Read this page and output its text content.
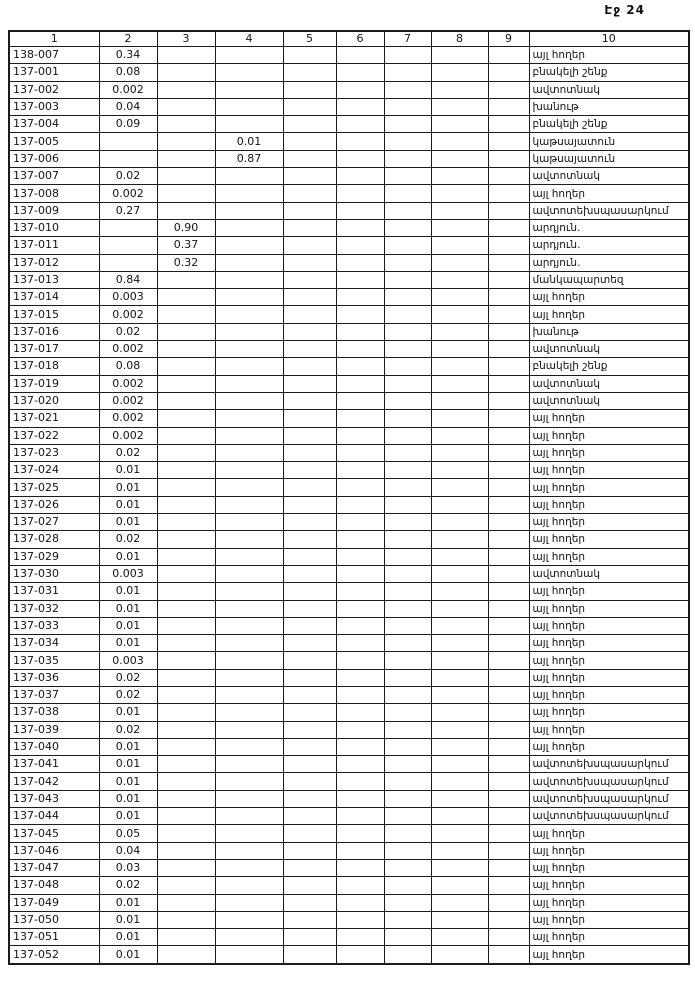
Էջ 24
1	2	3	4	5	6	7	8	9	10
138-007	0.34								այլ հողեր
137-001	0.08								բնակելի շենք
137-002	0.002								ավտոտնակ
137-003	0.04								խանութ
137-004	0.09								բնակելի շենք
137-005			0.01						կաթսայատուն
137-006			0.87						կաթսայատուն
137-007	0.02								ավտոտնակ
137-008	0.002								այլ հողեր
137-009	0.27								ավտոտեխսպասարկում
137-010		0.90							արդյուն.
137-011		0.37							արդյուն.
137-012		0.32							արդյուն.
137-013	0.84								մանկապարտեզ
137-014	0.003								այլ հողեր
137-015	0.002								այլ հողեր
137-016	0.02								խանութ
137-017	0.002								ավտոտնակ
137-018	0.08								բնակելի շենք
137-019	0.002								ավտոտնակ
137-020	0.002								ավտոտնակ
137-021	0.002								այլ հողեր
137-022	0.002								այլ հողեր
137-023	0.02								այլ հողեր
137-024	0.01								այլ հողեր
137-025	0.01								այլ հողեր
137-026	0.01								այլ հողեր
137-027	0.01								այլ հողեր
137-028	0.02								այլ հողեր
137-029	0.01								այլ հողեր
137-030	0.003								ավտոտնակ
137-031	0.01								այլ հողեր
137-032	0.01								այլ հողեր
137-033	0.01								այլ հողեր
137-034	0.01								այլ հողեր
137-035	0.003								այլ հողեր
137-036	0.02								այլ հողեր
137-037	0.02								այլ հողեր
137-038	0.01								այլ հողեր
137-039	0.02								այլ հողեր
137-040	0.01								այլ հողեր
137-041	0.01								ավտոտեխսպասարկում
137-042	0.01								ավտոտեխսպասարկում
137-043	0.01								ավտոտեխսպասարկում
137-044	0.01								ավտոտեխսպասարկում
137-045	0.05								այլ հողեր
137-046	0.04								այլ հողեր
137-047	0.03								այլ հողեր
137-048	0.02								այլ հողեր
137-049	0.01								այլ հողեր
137-050	0.01								այլ հողեր
137-051	0.01								այլ հողեր
137-052	0.01								այլ հողեր
